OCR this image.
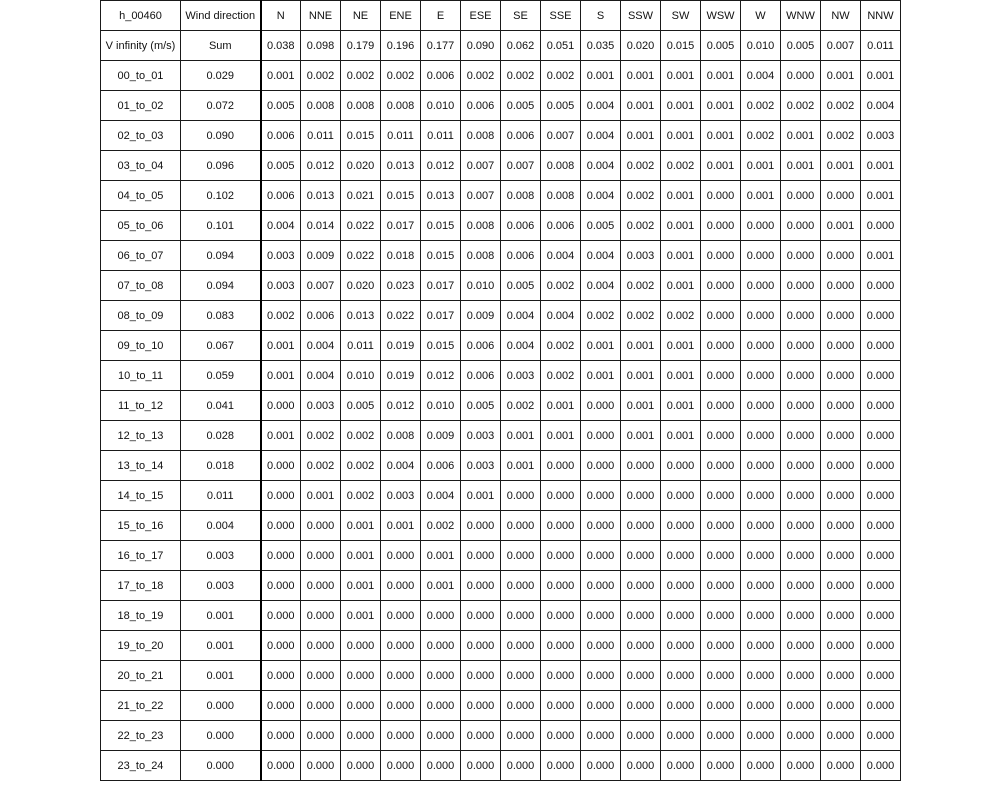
h_00460	Wind direction	N	NNE	NE	ENE	E	ESE	SE	SSE	S	SSW	SW	WSW	W	WNW	NW	NNW
V infinity (m/s)	Sum	0.038	0.098	0.179	0.196	0.177	0.090	0.062	0.051	0.035	0.020	0.015	0.005	0.010	0.005	0.007	0.011
00_to_01	0.029	0.001	0.002	0.002	0.002	0.006	0.002	0.002	0.002	0.001	0.001	0.001	0.001	0.004	0.000	0.001	0.001
01_to_02	0.072	0.005	0.008	0.008	0.008	0.010	0.006	0.005	0.005	0.004	0.001	0.001	0.001	0.002	0.002	0.002	0.004
02_to_03	0.090	0.006	0.011	0.015	0.011	0.011	0.008	0.006	0.007	0.004	0.001	0.001	0.001	0.002	0.001	0.002	0.003
03_to_04	0.096	0.005	0.012	0.020	0.013	0.012	0.007	0.007	0.008	0.004	0.002	0.002	0.001	0.001	0.001	0.001	0.001
04_to_05	0.102	0.006	0.013	0.021	0.015	0.013	0.007	0.008	0.008	0.004	0.002	0.001	0.000	0.001	0.000	0.000	0.001
05_to_06	0.101	0.004	0.014	0.022	0.017	0.015	0.008	0.006	0.006	0.005	0.002	0.001	0.000	0.000	0.000	0.001	0.000
06_to_07	0.094	0.003	0.009	0.022	0.018	0.015	0.008	0.006	0.004	0.004	0.003	0.001	0.000	0.000	0.000	0.000	0.001
07_to_08	0.094	0.003	0.007	0.020	0.023	0.017	0.010	0.005	0.002	0.004	0.002	0.001	0.000	0.000	0.000	0.000	0.000
08_to_09	0.083	0.002	0.006	0.013	0.022	0.017	0.009	0.004	0.004	0.002	0.002	0.002	0.000	0.000	0.000	0.000	0.000
09_to_10	0.067	0.001	0.004	0.011	0.019	0.015	0.006	0.004	0.002	0.001	0.001	0.001	0.000	0.000	0.000	0.000	0.000
10_to_11	0.059	0.001	0.004	0.010	0.019	0.012	0.006	0.003	0.002	0.001	0.001	0.001	0.000	0.000	0.000	0.000	0.000
11_to_12	0.041	0.000	0.003	0.005	0.012	0.010	0.005	0.002	0.001	0.000	0.001	0.001	0.000	0.000	0.000	0.000	0.000
12_to_13	0.028	0.001	0.002	0.002	0.008	0.009	0.003	0.001	0.001	0.000	0.001	0.001	0.000	0.000	0.000	0.000	0.000
13_to_14	0.018	0.000	0.002	0.002	0.004	0.006	0.003	0.001	0.000	0.000	0.000	0.000	0.000	0.000	0.000	0.000	0.000
14_to_15	0.011	0.000	0.001	0.002	0.003	0.004	0.001	0.000	0.000	0.000	0.000	0.000	0.000	0.000	0.000	0.000	0.000
15_to_16	0.004	0.000	0.000	0.001	0.001	0.002	0.000	0.000	0.000	0.000	0.000	0.000	0.000	0.000	0.000	0.000	0.000
16_to_17	0.003	0.000	0.000	0.001	0.000	0.001	0.000	0.000	0.000	0.000	0.000	0.000	0.000	0.000	0.000	0.000	0.000
17_to_18	0.003	0.000	0.000	0.001	0.000	0.001	0.000	0.000	0.000	0.000	0.000	0.000	0.000	0.000	0.000	0.000	0.000
18_to_19	0.001	0.000	0.000	0.001	0.000	0.000	0.000	0.000	0.000	0.000	0.000	0.000	0.000	0.000	0.000	0.000	0.000
19_to_20	0.001	0.000	0.000	0.000	0.000	0.000	0.000	0.000	0.000	0.000	0.000	0.000	0.000	0.000	0.000	0.000	0.000
20_to_21	0.001	0.000	0.000	0.000	0.000	0.000	0.000	0.000	0.000	0.000	0.000	0.000	0.000	0.000	0.000	0.000	0.000
21_to_22	0.000	0.000	0.000	0.000	0.000	0.000	0.000	0.000	0.000	0.000	0.000	0.000	0.000	0.000	0.000	0.000	0.000
22_to_23	0.000	0.000	0.000	0.000	0.000	0.000	0.000	0.000	0.000	0.000	0.000	0.000	0.000	0.000	0.000	0.000	0.000
23_to_24	0.000	0.000	0.000	0.000	0.000	0.000	0.000	0.000	0.000	0.000	0.000	0.000	0.000	0.000	0.000	0.000	0.000
